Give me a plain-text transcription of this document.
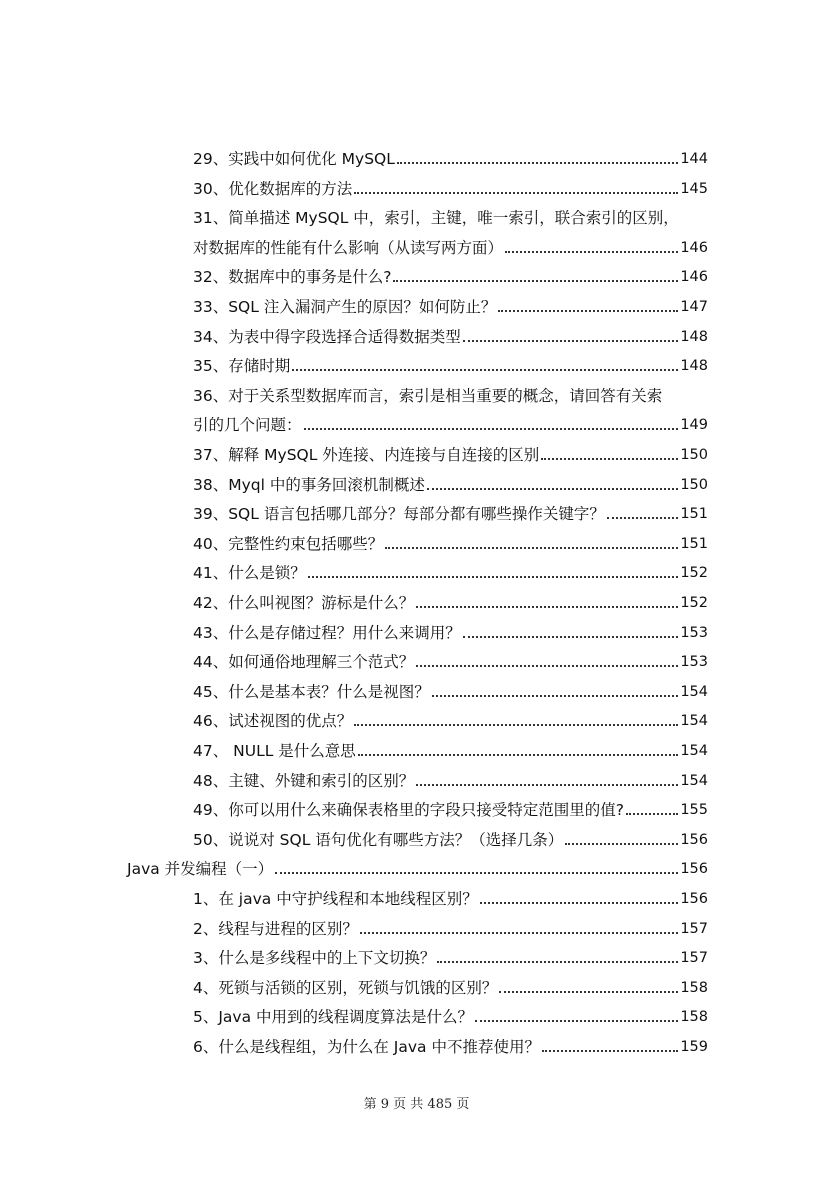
29、实践中如何优化 MySQL	144
30、优化数据库的方法	145
31、简单描述 MySQL 中，索引，主键，唯一索引，联合索引的区别，
对数据库的性能有什么影响（从读写两方面）	146
32、数据库中的事务是什么?	146
33、SQL 注入漏洞产生的原因？如何防止？	147
34、为表中得字段选择合适得数据类型	148
35、存储时期	148
36、对于关系型数据库而言，索引是相当重要的概念，请回答有关索
引的几个问题：	149
37、解释 MySQL 外连接、内连接与自连接的区别	150
38、Myql 中的事务回滚机制概述	150
39、SQL 语言包括哪几部分？每部分都有哪些操作关键字？	151
40、完整性约束包括哪些？	151
41、什么是锁？	152
42、什么叫视图？游标是什么？	152
43、什么是存储过程？用什么来调用？	153
44、如何通俗地理解三个范式？	153
45、什么是基本表？什么是视图？	154
46、试述视图的优点？	154
47、 NULL 是什么意思	154
48、主键、外键和索引的区别？	154
49、你可以用什么来确保表格里的字段只接受特定范围里的值?	155
50、说说对 SQL 语句优化有哪些方法？（选择几条）	156
Java 并发编程（一）	156
1、在 java 中守护线程和本地线程区别？	156
2、线程与进程的区别？	157
3、什么是多线程中的上下文切换？	157
4、死锁与活锁的区别，死锁与饥饿的区别？	158
5、Java 中用到的线程调度算法是什么？	158
6、什么是线程组，为什么在 Java 中不推荐使用？	159
第 9 页 共 485 页
